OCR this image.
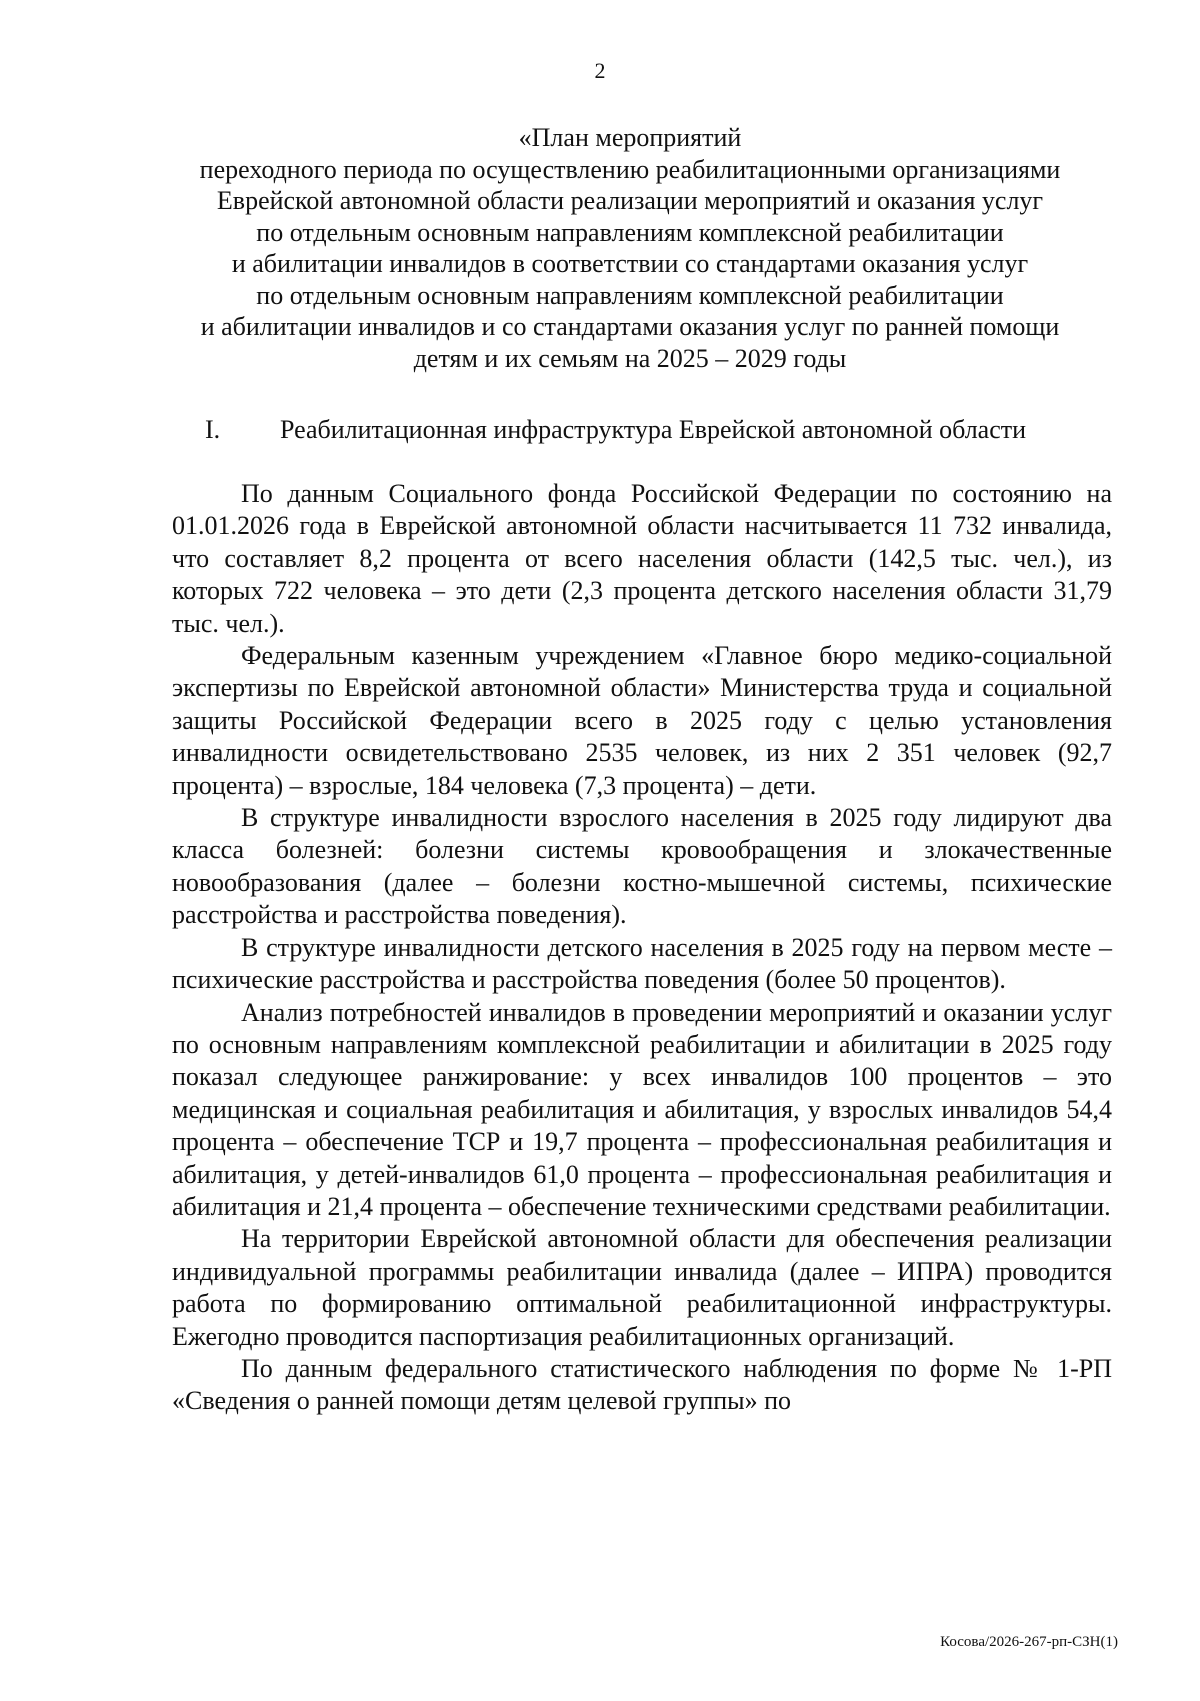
2
«План мероприятий
переходного периода по осуществлению реабилитационными организациями
Еврейской автономной области реализации мероприятий и оказания услуг
по отдельным основным направлениям комплексной реабилитации
и абилитации инвалидов в соответствии со стандартами оказания услуг
по отдельным основным направлениям комплексной реабилитации
и абилитации инвалидов и со стандартами оказания услуг по ранней помощи
детям и их семьям на 2025 – 2029 годы
I. Реабилитационная инфраструктура Еврейской автономной области

По данным Социального фонда Российской Федерации по состоянию на 01.01.2026 года в Еврейской автономной области насчитывается 11 732 инвалида, что составляет 8,2 процента от всего населения области (142,5 тыс. чел.), из которых 722 человека – это дети (2,3 процента детского населения области 31,79 тыс. чел.).

Федеральным казенным учреждением «Главное бюро медико-социальной экспертизы по Еврейской автономной области» Министерства труда и социальной защиты Российской Федерации всего в 2025 году с целью установления инвалидности освидетельствовано 2535 человек, из них 2 351 человек (92,7 процента) – взрослые, 184 человека (7,3 процента) – дети.

В структуре инвалидности взрослого населения в 2025 году лидируют два класса болезней: болезни системы кровообращения и злокачественные новообразования (далее – болезни костно-мышечной системы, психические расстройства и расстройства поведения).

В структуре инвалидности детского населения в 2025 году на первом месте – психические расстройства и расстройства поведения (более 50 процентов).

Анализ потребностей инвалидов в проведении мероприятий и оказании услуг по основным направлениям комплексной реабилитации и абилитации в 2025 году показал следующее ранжирование: у всех инвалидов 100 процентов – это медицинская и социальная реабилитация и абилитация, у взрослых инвалидов 54,4 процента – обеспечение ТСР и 19,7 процента – профессиональная реабилитация и абилитация, у детей-инвалидов 61,0 процента – профессиональная реабилитация и абилитация и 21,4 процента – обеспечение техническими средствами реабилитации.

На территории Еврейской автономной области для обеспечения реализации индивидуальной программы реабилитации инвалида (далее – ИПРА) проводится работа по формированию оптимальной реабилитационной инфраструктуры. Ежегодно проводится паспортизация реабилитационных организаций.

По данным федерального статистического наблюдения по форме № 1-РП «Сведения о ранней помощи детям целевой группы» по

Косова/2026-267-рп-СЗН(1)
